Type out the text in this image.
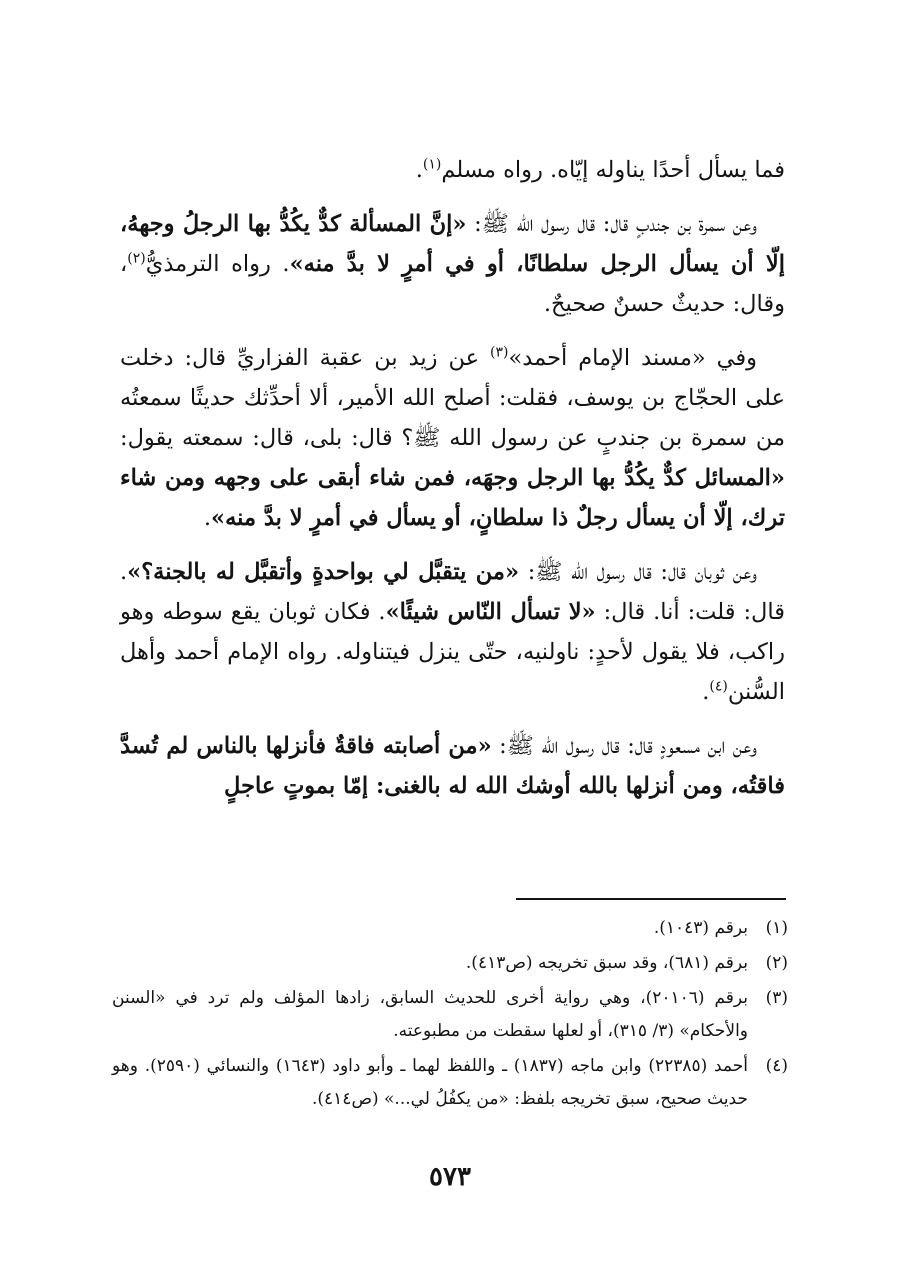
فما يسأل أحدًا يناوله إيّاه. رواه مسلم$^{(١)}$.

وعن سمرة بن جندبٍ قال: قال رسول الله ﷺ: «إنَّ المسألة كدٌّ يكُدُّ بها الرجلُ وجههُ، إلّا أن يسأل الرجل سلطانًا، أو في أمرٍ لا بدَّ منه». رواه الترمذيُّ$^{(٢)}$، وقال: حديثٌ حسنٌ صحيحٌ.

وفي «مسند الإمام أحمد»$^{(٣)}$ عن زيد بن عقبة الفزاريِّ قال: دخلت على الحجّاج بن يوسف، فقلت: أصلح الله الأمير، ألا أحدِّثك حديثًا سمعتُه من سمرة بن جندبٍ عن رسول الله ﷺ؟ قال: بلى، قال: سمعته يقول: «المسائل كدٌّ يكُدُّ بها الرجل وجهَه، فمن شاء أبقى على وجهه ومن شاء ترك، إلّا أن يسأل رجلٌ ذا سلطانٍ، أو يسأل في أمرٍ لا بدَّ منه».

وعن ثوبان قال: قال رسول الله ﷺ: «من يتقبَّل لي بواحدةٍ وأتقبَّل له بالجنة؟». قال: قلت: أنا. قال: «لا تسأل النّاس شيئًا». فكان ثوبان يقع سوطه وهو راكب، فلا يقول لأحدٍ: ناولنيه، حتّى ينزل فيتناوله. رواه الإمام أحمد وأهل السُّنن$^{(٤)}$.

وعن ابن مسعودٍ قال: قال رسول الله ﷺ: «من أصابته فاقةٌ فأنزلها بالناس لم تُسدَّ فاقتُه، ومن أنزلها بالله أوشك الله له بالغنى: إمّا بموتٍ عاجلٍ

(١)
برقم (١٠٤٣).
(٢)
برقم (٦٨١)، وقد سبق تخريجه (ص٤١٣).
(٣)
برقم (٢٠١٠٦)، وهي رواية أخرى للحديث السابق، زادها المؤلف ولم ترد في «السنن والأحكام» (٣/ ٣١٥)، أو لعلها سقطت من مطبوعته.
(٤)
أحمد (٢٢٣٨٥) وابن ماجه (١٨٣٧) ـ واللفظ لهما ـ وأبو داود (١٦٤٣) والنسائي (٢٥٩٠). وهو حديث صحيح، سبق تخريجه بلفظ: «من يكفُلُ لي...» (ص٤١٤).
٥٧٣
